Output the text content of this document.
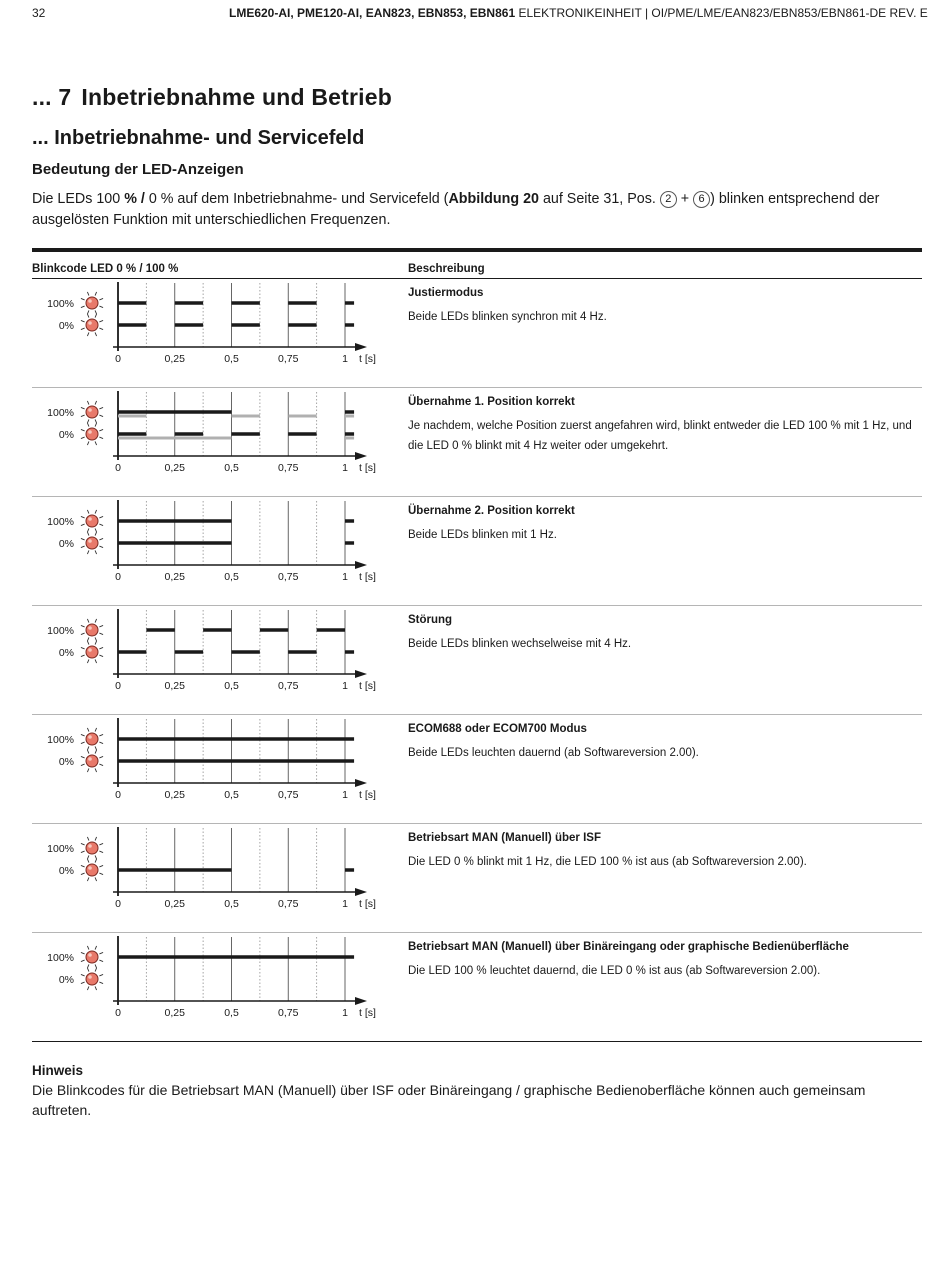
32	LME620-AI, PME120-AI, EAN823, EBN853, EBN861 ELEKTRONIKEINHEIT | OI/PME/LME/EAN823/EBN853/EBN861-DE REV. E
... 7 Inbetriebnahme und Betrieb
... Inbetriebnahme- und Servicefeld
Bedeutung der LED-Anzeigen

Die LEDs 100 % / 0 % auf dem Inbetriebnahme- und Servicefeld (Abbildung 20 auf Seite 31, Pos. 2 + 6 ) blinken entsprechend der ausgelösten Funktion mit unterschiedlichen Frequenzen.

Blinkcode LED 0 % / 100 %	Beschreibung
0	0,25	0,5	0,75	1 t [s]
100%
0%

Justiermodus

Beide LEDs blinken synchron mit 4 Hz.

0	0,25	0,5	0,75	1 t [s]
100%
0%

Übernahme 1. Position korrekt

Je nachdem, welche Position zuerst angefahren wird, blinkt entweder die LED 100 % mit 1 Hz, und die LED 0 % blinkt mit 4 Hz weiter oder umgekehrt.

0	0,25	0,5	0,75	1 t [s]
100%
0%

Übernahme 2. Position korrekt

Beide LEDs blinken mit 1 Hz.

0	0,25	0,5	0,75	1 t [s]
100%
0%

Störung

Beide LEDs blinken wechselweise mit 4 Hz.

0	0,25	0,5	0,75	1 t [s]
100%
0%

ECOM688 oder ECOM700 Modus

Beide LEDs leuchten dauernd (ab Softwareversion 2.00).

0	0,25	0,5	0,75	1 t [s]
100%
0%

Betriebsart MAN (Manuell) über ISF

Die LED 0 % blinkt mit 1 Hz, die LED 100 % ist aus (ab Softwareversion 2.00).

0	0,25	0,5	0,75	1 t [s]
100%
0%

Betriebsart MAN (Manuell) über Binäreingang oder graphische Bedienüberfläche

Die LED 100 % leuchtet dauernd, die LED 0 % ist aus (ab Softwareversion 2.00).

Hinweis

Die Blinkcodes für die Betriebsart MAN (Manuell) über ISF oder Binäreingang / graphische Bedienoberfläche können auch gemeinsam auftreten.
